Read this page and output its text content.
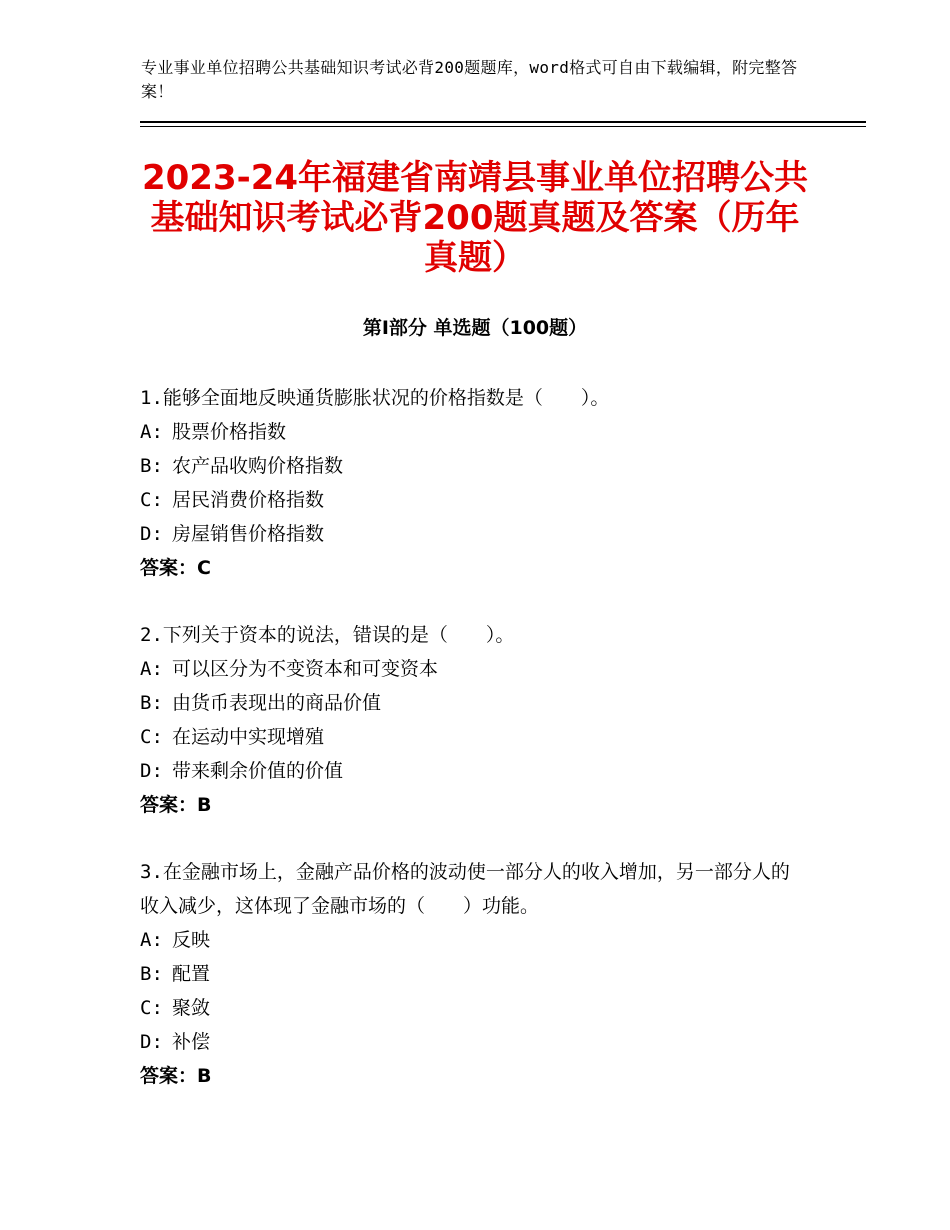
专业事业单位招聘公共基础知识考试必背200题题库，word格式可自由下载编辑，附完整答案！
2023-24年福建省南靖县事业单位招聘公共基础知识考试必背200题真题及答案（历年真题）
第Ⅰ部分 单选题（100题）

1.能够全面地反映通货膨胀状况的价格指数是（　　）。

A: 股票价格指数

B: 农产品收购价格指数

C: 居民消费价格指数

D: 房屋销售价格指数

答案：C

2.下列关于资本的说法，错误的是（　　）。

A: 可以区分为不变资本和可变资本

B: 由货币表现出的商品价值

C: 在运动中实现增殖

D: 带来剩余价值的价值

答案：B

3.在金融市场上，金融产品价格的波动使一部分人的收入增加，另一部分人的收入减少，这体现了金融市场的（　　）功能。

A: 反映

B: 配置

C: 聚敛

D: 补偿

答案：B
